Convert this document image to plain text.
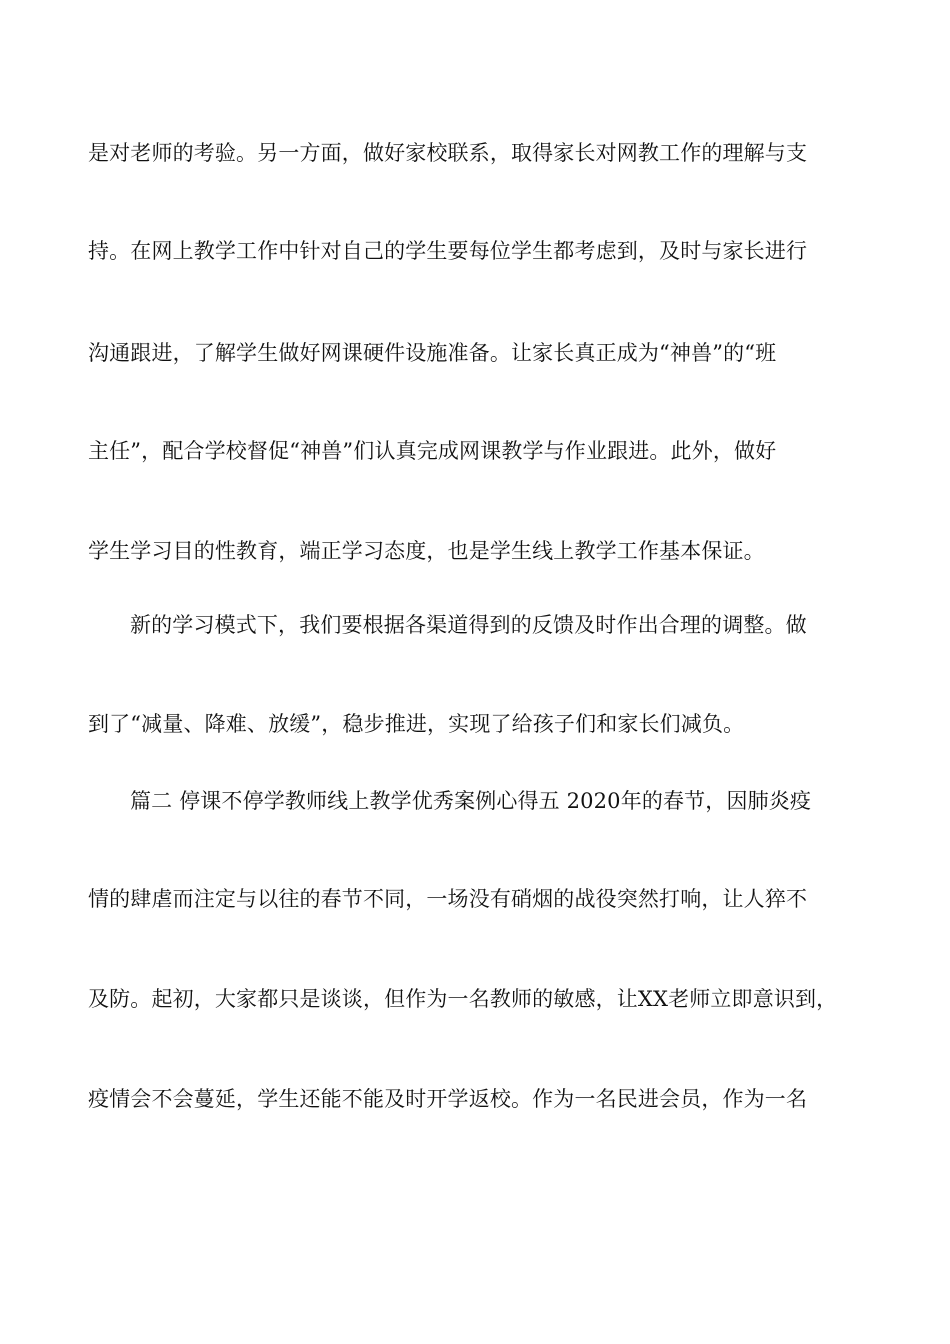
是对老师的考验。另一方面，做好家校联系，取得家长对网教工作的理解与支
持。在网上教学工作中针对自己的学生要每位学生都考虑到，及时与家长进行
沟通跟进，了解学生做好网课硬件设施准备。让家长真正成为“神兽”的“班
主任”，配合学校督促“神兽”们认真完成网课教学与作业跟进。此外，做好
学生学习目的性教育，端正学习态度，也是学生线上教学工作基本保证。
新的学习模式下，我们要根据各渠道得到的反馈及时作出合理的调整。做
到了“减量、降难、放缓”，稳步推进，实现了给孩子们和家长们减负。
篇二 停课不停学教师线上教学优秀案例心得五 2020年的春节，因肺炎疫
情的肆虐而注定与以往的春节不同，一场没有硝烟的战役突然打响，让人猝不
及防。起初，大家都只是谈谈，但作为一名教师的敏感，让XX老师立即意识到，
疫情会不会蔓延，学生还能不能及时开学返校。作为一名民进会员，作为一名
